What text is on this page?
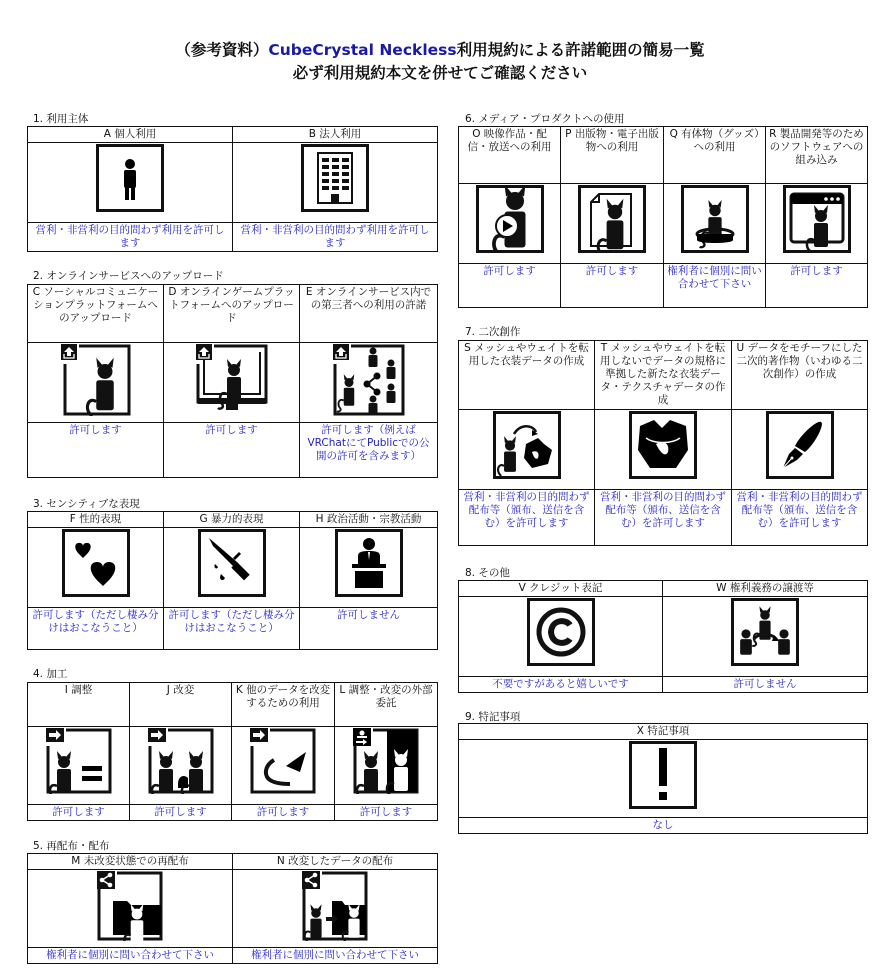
（参考資料）CubeCrystal Neckless利用規約による許諾範囲の簡易一覧
必ず利用規約本文を併せてご確認ください
1. 利用主体
A 個人利用	B 法人利用

営利・非営利の目的問わず利用を許可します	営利・非営利の目的問わず利用を許可します
2. オンラインサービスへのアップロード
C ソーシャルコミュニケーションプラットフォームへのアップロード	D オンラインゲームプラットフォームへのアップロード	E オンラインサービス内での第三者への利用の許諾

許可します	許可します	許可します（例えばVRChatにてPublicでの公開の許可を含みます）
3. センシティブな表現
F 性的表現	G 暴力的表現	H 政治活動・宗教活動

許可します（ただし棲み分けはおこなうこと）	許可します（ただし棲み分けはおこなうこと）	許可しません
4. 加工
I 調整	J 改変	K 他のデータを改変するための利用	L 調整・改変の外部委託

許可します	許可します	許可します	許可します
5. 再配布・配布
M 未改変状態での再配布	N 改変したデータの配布

権利者に個別に問い合わせて下さい	権利者に個別に問い合わせて下さい
6. メディア・プロダクトへの使用
O 映像作品・配信・放送への利用	P 出版物・電子出版物への利用	Q 有体物（グッズ）への利用	R 製品開発等のためのソフトウェアへの組み込み

許可します	許可します	権利者に個別に問い合わせて下さい	許可します
7. 二次創作
S メッシュやウェイトを転用した衣装データの作成	T メッシュやウェイトを転用しないでデータの規格に準拠した新たな衣装データ・テクスチャデータの作成	U データをモチーフにした二次的著作物（いわゆる二次創作）の作成

営利・非営利の目的問わず配布等（頒布、送信を含む）を許可します	営利・非営利の目的問わず配布等（頒布、送信を含む）を許可します	営利・非営利の目的問わず配布等（頒布、送信を含む）を許可します
8. その他
V クレジット表記	W 権利義務の譲渡等

不要ですがあると嬉しいです	許可しません
9. 特記事項
X 特記事項

なし
